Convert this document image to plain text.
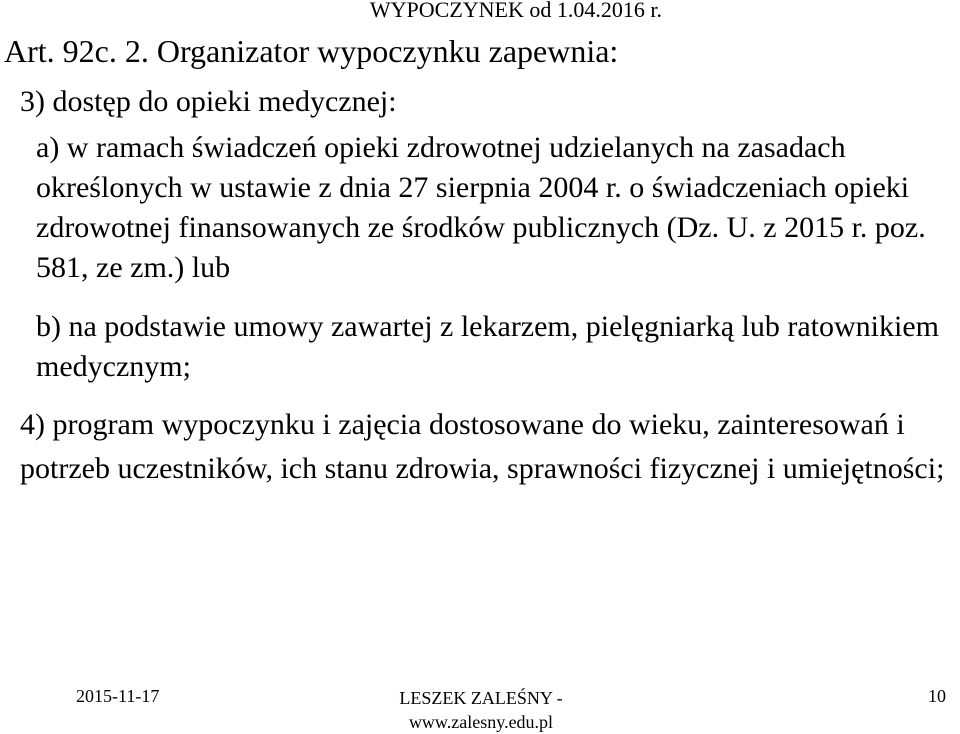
WYPOCZYNEK od 1.04.2016 r.
Art. 92c. 2. Organizator wypoczynku zapewnia:
3) dostęp do opieki medycznej:
a) w ramach świadczeń opieki zdrowotnej udzielanych na zasadach określonych w ustawie z dnia 27 sierpnia 2004 r. o świadczeniach opieki zdrowotnej finansowanych ze środków publicznych (Dz. U. z 2015 r. poz. 581, ze zm.) lub
b) na podstawie umowy zawartej z lekarzem, pielęgniarką lub ratownikiem medycznym;
4) program wypoczynku i zajęcia dostosowane do wieku, zainteresowań i potrzeb uczestników, ich stanu zdrowia, sprawności fizycznej i umiejętności;
2015-11-17	LESZEK ZALEŚNY -
www.zalesny.edu.pl
10
